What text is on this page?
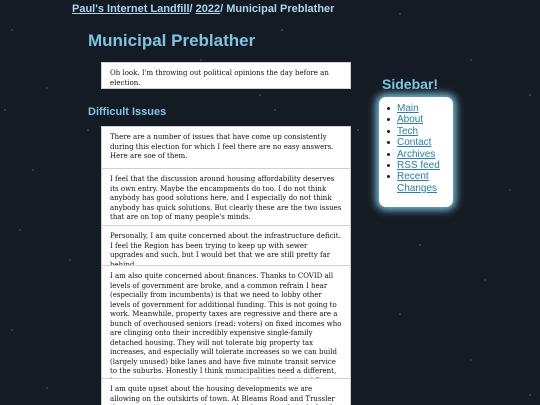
Paul's Internet Landfill/ 2022/ Municipal Preblather
Municipal Preblather

Oh look. I'm throwing out political opinions the day before an election.

Difficult Issues

There are a number of issues that have come up consistently during this election for which I feel there are no easy answers. Here are soe of them.

I feel that the discussion around housing affordability deserves its own entry. Maybe the encampments do too. I do not think anybody has good solutions here, and I especially do not think anybody has quick solutions. But clearly these are the two issues that are on top of many people's minds.

Personally, I am quite concerned about the infrastructure deficit. I feel the Region has been trying to keep up with sewer upgrades and such, but I would bet that we are still pretty far

I am also quite concerned about finances. Thanks to COVID all levels of government are broke, and a common refrain I hear (especially from incumbents) is that we need to lobby other levels of government for additional funding. This is not going to work. Meanwhile, property taxes are regressive and there are a bunch of overhoused seniors (read: voters) on fixed incomes who are clinging onto their incredibly expensive single-family detached housing. They will not tolerate big property tax increases, and especially will tolerate increases so we can build (largely unused) bike lanes and have five minute transit service to the suburbs. Honestly I think municipalities need a different,

I am quite upset about the housing developments we are allowing on the outskirts of town. At Bleams Road and Trussler

Sidebar!
Main
About
Tech
Contact
Archives
RSS feed
Recent Changes
